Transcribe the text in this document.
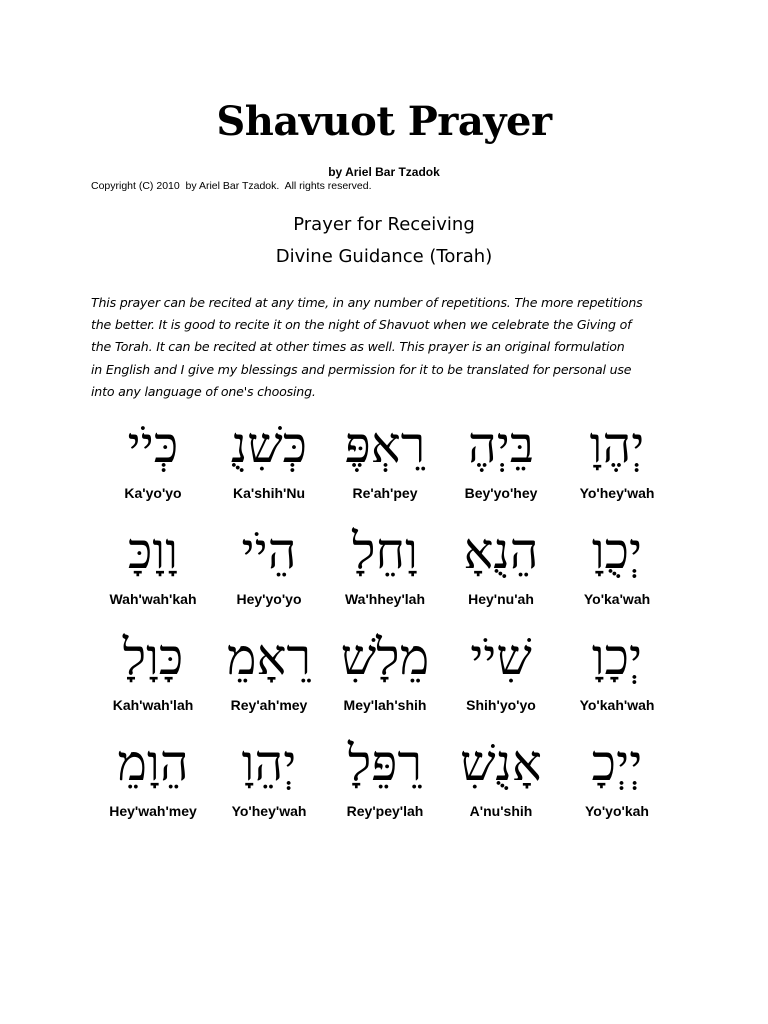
Shavuot Prayer
by Ariel Bar Tzadok
Copyright (C) 2010  by Ariel Bar Tzadok.  All rights reserved.
Prayer for Receiving
Divine Guidance (Torah)
This prayer can be recited at any time, in any number of repetitions. The more repetitions
the better. It is good to recite it on the night of Shavuot when we celebrate the Giving of
the Torah. It can be recited at other times as well. This prayer is an original formulation
in English and I give my blessings and permission for it to be translated for personal use
into any language of one's choosing.
יְהֶוָ
Yo'hey'wah
בֵּיְהֶ
Bey'yo'hey
רֵאְפֶּ
Re'ah'pey
כְּשִׁנֻ
Ka'shih'Nu
כְּיֹי
Ka'yo'yo
יְכֻוָ
Yo'ka'wah
הֵנֻאָ
Hey'nu'ah
וָחֵלָ
Wa'hhey'lah
הֵיֹי
Hey'yo'yo
וָוָכָּ
Wah'wah'kah
יְכָוָ
Yo'kah'wah
שִׁיֹי
Shih'yo'yo
מֵלָשִׁ
Mey'lah'shih
רֵאָמֵ
Rey'ah'mey
כָּוָלָ
Kah'wah'lah
יְיְכָ
Yo'yo'kah
אָנֻשִׁ
A'nu'shih
רֵפֵּלָ
Rey'pey'lah
יְהֵוָ
Yo'hey'wah
הֵוָמֵ
Hey'wah'mey
